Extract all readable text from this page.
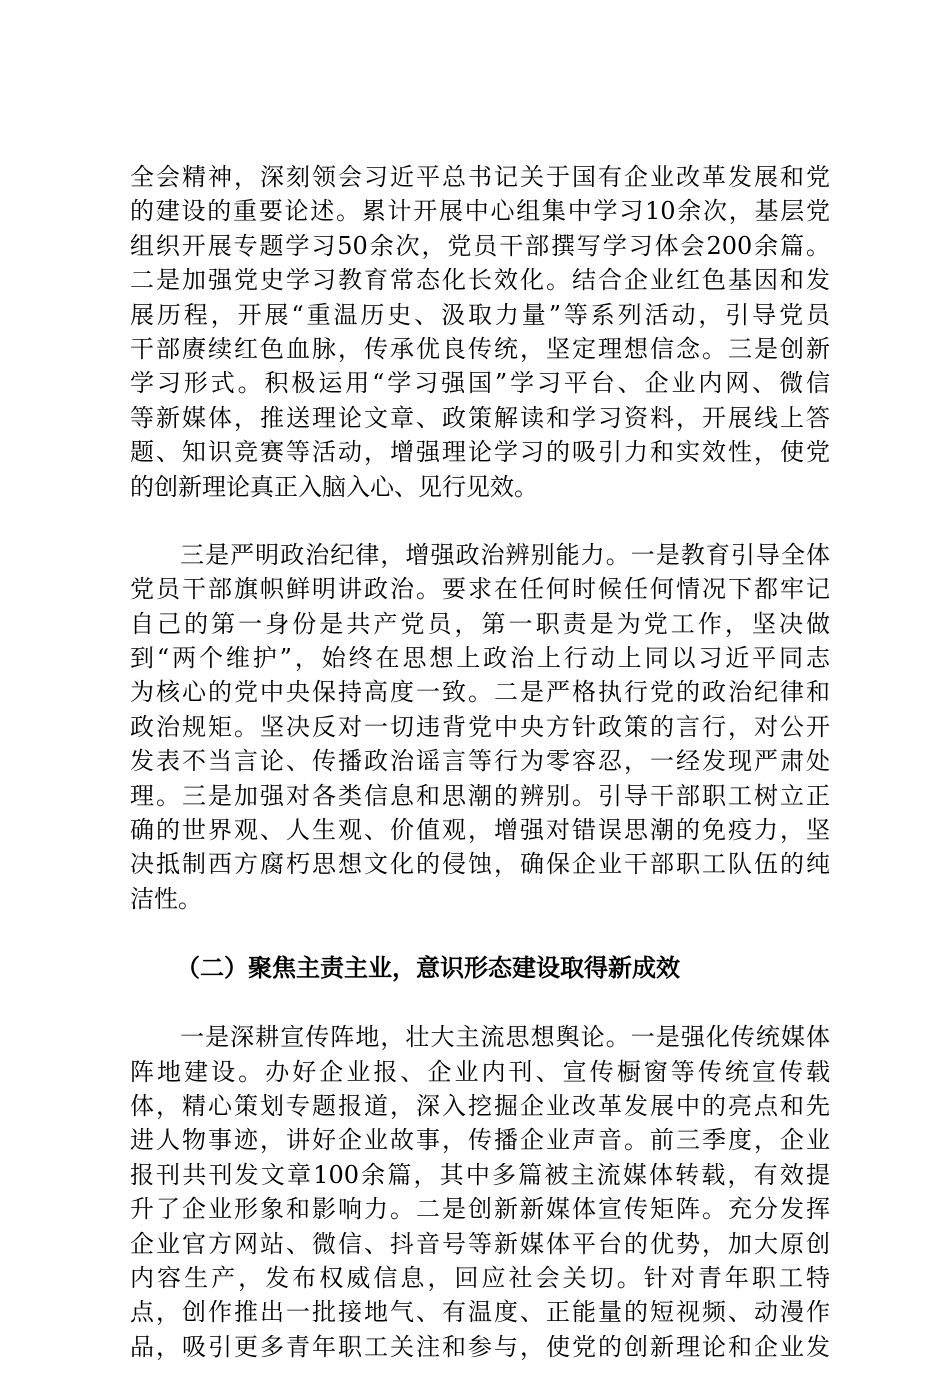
全会精神，深刻领会习近平总书记关于国有企业改革发展和党
的建设的重要论述。累计开展中心组集中学习10余次，基层党
组织开展专题学习50余次，党员干部撰写学习体会200余篇。
二是加强党史学习教育常态化长效化。结合企业红色基因和发
展历程，开展“重温历史、汲取力量”等系列活动，引导党员
干部赓续红色血脉，传承优良传统，坚定理想信念。三是创新
学习形式。积极运用“学习强国”学习平台、企业内网、微信
等新媒体，推送理论文章、政策解读和学习资料，开展线上答
题、知识竞赛等活动，增强理论学习的吸引力和实效性，使党
的创新理论真正入脑入心、见行见效。
　　三是严明政治纪律，增强政治辨别能力。一是教育引导全体
党员干部旗帜鲜明讲政治。要求在任何时候任何情况下都牢记
自己的第一身份是共产党员，第一职责是为党工作，坚决做
到“两个维护”，始终在思想上政治上行动上同以习近平同志
为核心的党中央保持高度一致。二是严格执行党的政治纪律和
政治规矩。坚决反对一切违背党中央方针政策的言行，对公开
发表不当言论、传播政治谣言等行为零容忍，一经发现严肃处
理。三是加强对各类信息和思潮的辨别。引导干部职工树立正
确的世界观、人生观、价值观，增强对错误思潮的免疫力，坚
决抵制西方腐朽思想文化的侵蚀，确保企业干部职工队伍的纯
洁性。
（二）聚焦主责主业，意识形态建设取得新成效
　　一是深耕宣传阵地，壮大主流思想舆论。一是强化传统媒体
阵地建设。办好企业报、企业内刊、宣传橱窗等传统宣传载
体，精心策划专题报道，深入挖掘企业改革发展中的亮点和先
进人物事迹，讲好企业故事，传播企业声音。前三季度，企业
报刊共刊发文章100余篇，其中多篇被主流媒体转载，有效提
升了企业形象和影响力。二是创新新媒体宣传矩阵。充分发挥
企业官方网站、微信、抖音号等新媒体平台的优势，加大原创
内容生产，发布权威信息，回应社会关切。针对青年职工特
点，创作推出一批接地气、有温度、正能量的短视频、动漫作
品，吸引更多青年职工关注和参与，使党的创新理论和企业发
